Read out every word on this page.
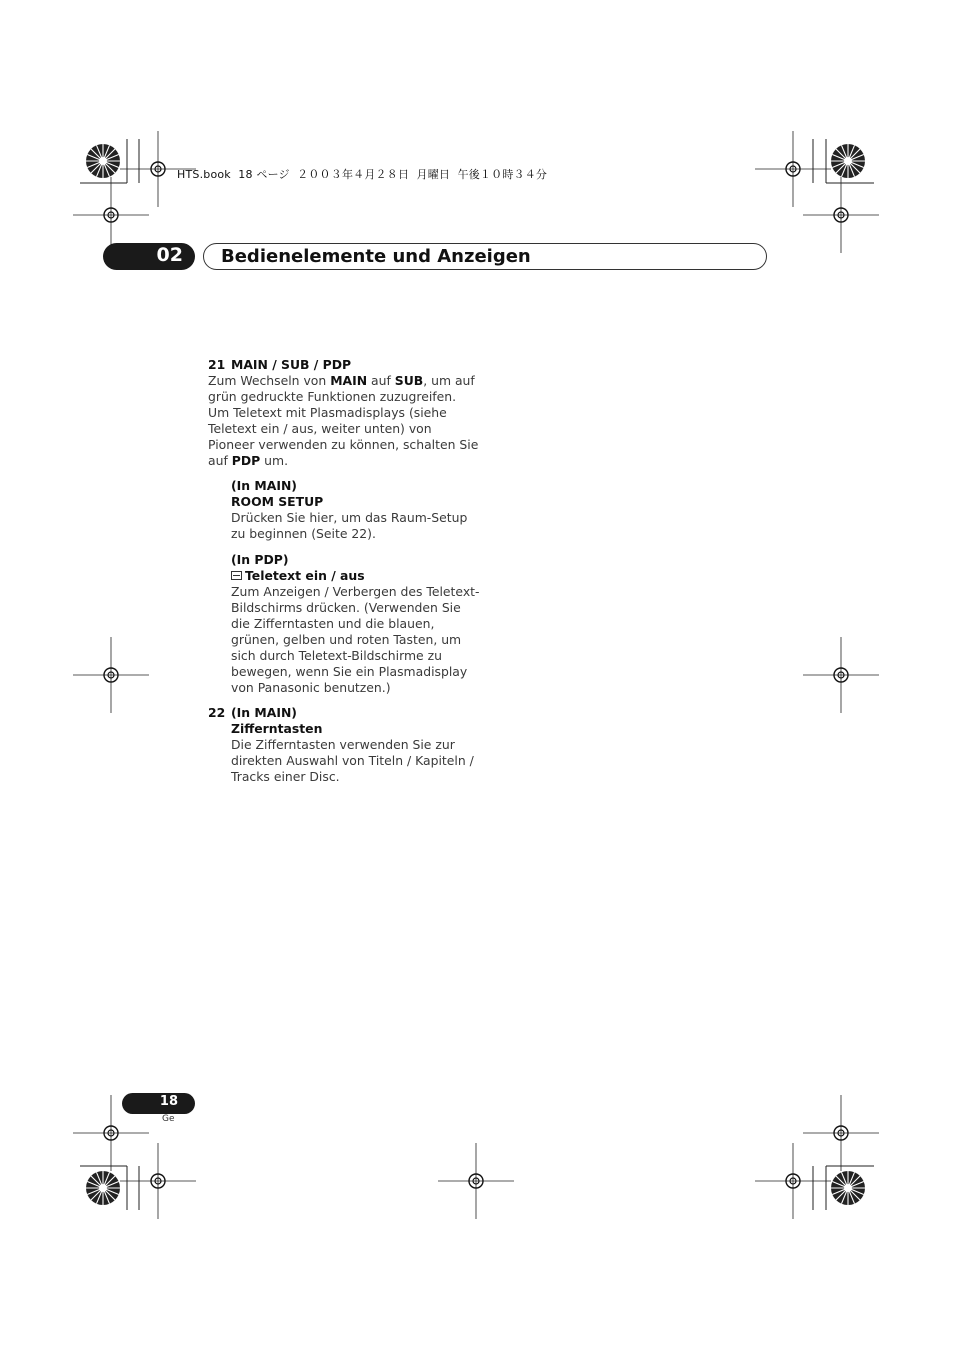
HTS.book  18 ページ  ２００３年４月２８日  月曜日  午後１０時３４分
02 Bedienelemente und Anzeigen

21 MAIN / SUB / PDP

Zum Wechseln von MAIN auf SUB, um auf grün gedruckte Funktionen zuzugreifen. Um Teletext mit Plasmadisplays (siehe Teletext ein / aus, weiter unten) von Pioneer verwenden zu können, schalten Sie auf PDP um.

(In MAIN)

ROOM SETUP

Drücken Sie hier, um das Raum-Setup zu beginnen (Seite 22).

(In PDP)

Teletext ein / aus

Zum Anzeigen / Verbergen des Teletext-Bildschirms drücken. (Verwenden Sie die Zifferntasten und die blauen, grünen, gelben und roten Tasten, um sich durch Teletext-Bildschirme zu bewegen, wenn Sie ein Plasmadisplay von Panasonic benutzen.)

22 (In MAIN)

Zifferntasten

Die Zifferntasten verwenden Sie zur direkten Auswahl von Titeln / Kapiteln / Tracks einer Disc.

18
Ge
